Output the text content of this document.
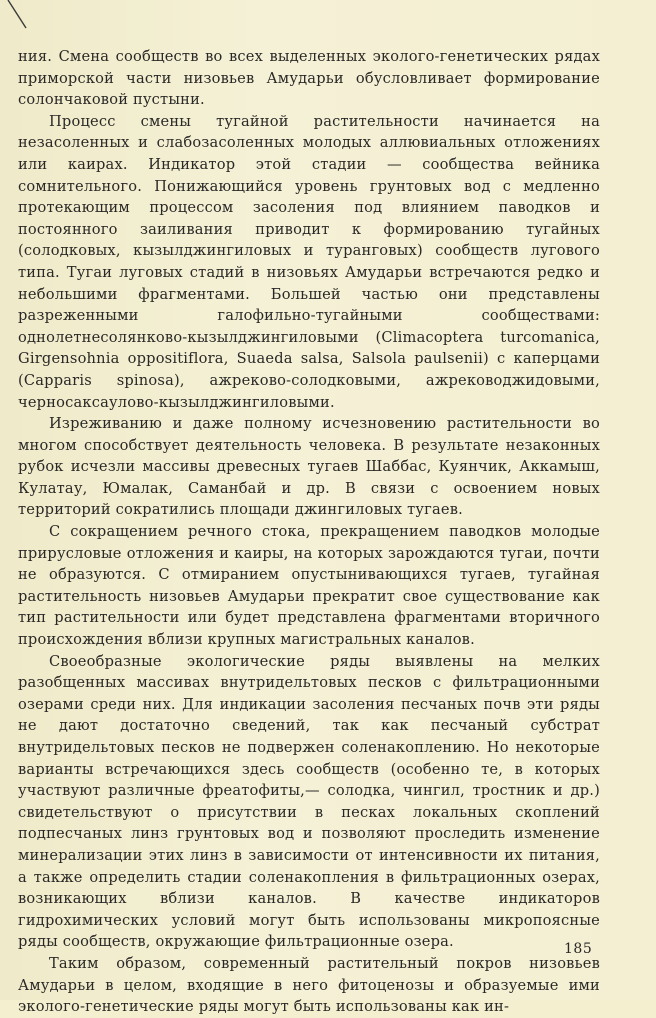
ния. Смена сообществ во всех выделенных эколого-генетических рядах приморской части низовьев Амударьи обусловливает формирование солончаковой пустыни.

Процесс смены тугайной растительности начинается на незасоленных и слабозасоленных молодых аллювиальных отложениях или каирах. Индикатор этой стадии — сообщества вейника сомнительного. Понижающийся уровень грунтовых вод с медленно протекающим процессом засоления под влиянием паводков и постоянного заиливания приводит к формированию тугайных (солодковых, кызылджингиловых и туранговых) сообществ лугового типа. Тугаи луговых стадий в низовьях Амударьи встречаются редко и небольшими фрагментами. Большей частью они представлены разреженными галофильно-тугайными сообществами: однолетнесолянково-кызылджингиловыми (Climacoptera turcomanica, Girgensohnia oppositiflora, Suaeda salsa, Salsola paulsenii) с каперцами (Capparis spinosa), ажреково-солодковыми, ажреководжидовыми, черносаксаулово-кызылджингиловыми.

Изреживанию и даже полному исчезновению растительности во многом способствует деятельность человека. В результате незаконных рубок исчезли массивы древесных тугаев Шаббас, Куянчик, Аккамыш, Кулатау, Юмалак, Саманбай и др. В связи с освоением новых территорий сократились площади джингиловых тугаев.

С сокращением речного стока, прекращением паводков молодые прирусловые отложения и каиры, на которых зарождаются тугаи, почти не образуются. С отмиранием опустынивающихся тугаев, тугайная растительность низовьев Амударьи прекратит свое существование как тип растительности или будет представлена фрагментами вторичного происхождения вблизи крупных магистральных каналов.

Своеобразные экологические ряды выявлены на мелких разобщенных массивах внутридельтовых песков с фильтрационными озерами среди них. Для индикации засоления песчаных почв эти ряды не дают достаточно сведений, так как песчаный субстрат внутридельтовых песков не подвержен соленакоплению. Но некоторые варианты встречающихся здесь сообществ (особенно те, в которых участвуют различные фреатофиты,— солодка, чингил, тростник и др.) свидетельствуют о присутствии в песках локальных скоплений подпесчаных линз грунтовых вод и позволяют проследить изменение минерализации этих линз в зависимости от интенсивности их питания, а также определить стадии соленакопления в фильтрационных озерах, возникающих вблизи каналов. В качестве индикаторов гидрохимических условий могут быть использованы микропоясные ряды сообществ, окружающие фильтрационные озера.

Таким образом, современный растительный покров низовьев Амударьи в целом, входящие в него фитоценозы и образуемые ими эколого-генетические ряды могут быть использованы как ин-

185
